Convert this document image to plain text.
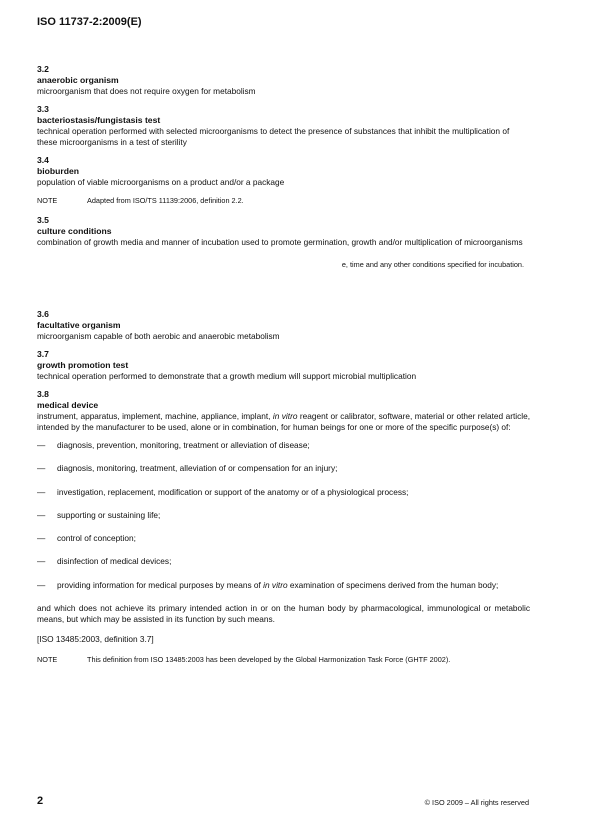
ISO 11737-2:2009(E)
3.2
anaerobic organism
microorganism that does not require oxygen for metabolism
3.3
bacteriostasis/fungistasis test
technical operation performed with selected microorganisms to detect the presence of substances that inhibit the multiplication of these microorganisms in a test of sterility
3.4
bioburden
population of viable microorganisms on a product and/or a package
NOTE	Adapted from ISO/TS 11139:2006, definition 2.2.
3.5
culture conditions
combination of growth media and manner of incubation used to promote germination, growth and/or multiplication of microorganisms
e, time and any other conditions specified for incubation.
3.6
facultative organism
microorganism capable of both aerobic and anaerobic metabolism
3.7
growth promotion test
technical operation performed to demonstrate that a growth medium will support microbial multiplication
3.8
medical device
instrument, apparatus, implement, machine, appliance, implant, in vitro reagent or calibrator, software, material or other related article, intended by the manufacturer to be used, alone or in combination, for human beings for one or more of the specific purpose(s) of:
— diagnosis, prevention, monitoring, treatment or alleviation of disease;
— diagnosis, monitoring, treatment, alleviation of or compensation for an injury;
— investigation, replacement, modification or support of the anatomy or of a physiological process;
— supporting or sustaining life;
— control of conception;
— disinfection of medical devices;
— providing information for medical purposes by means of in vitro examination of specimens derived from the human body;
and which does not achieve its primary intended action in or on the human body by pharmacological, immunological or metabolic means, but which may be assisted in its function by such means.
[ISO 13485:2003, definition 3.7]
NOTE	This definition from ISO 13485:2003 has been developed by the Global Harmonization Task Force (GHTF 2002).
2	© ISO 2009 – All rights reserved
